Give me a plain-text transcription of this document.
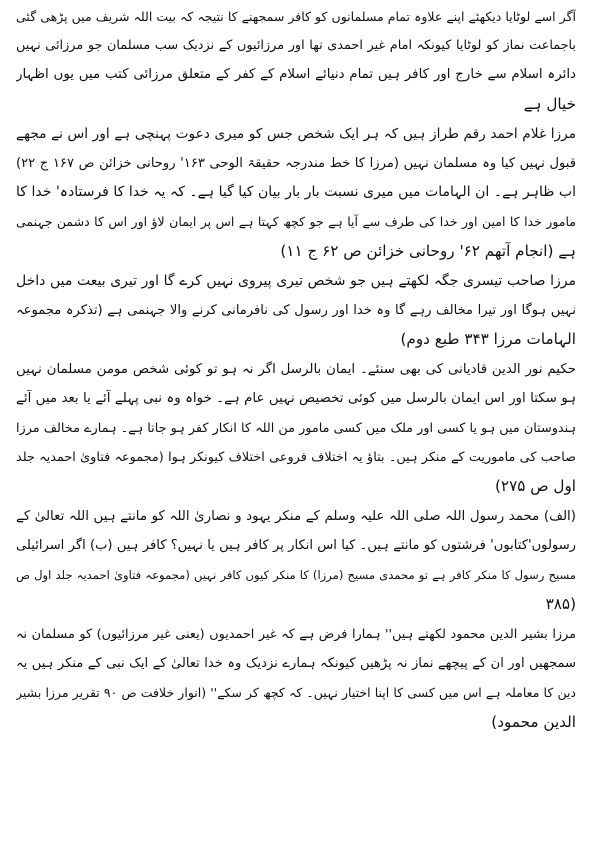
آگر اسے لوٹایا دیکھئے اپنے علاوہ تمام مسلمانوں کو کافر سمجھنے کا نتیجہ کہ بیت اللہ شریف میں پڑھی گئی
باجماعت نماز کو لوٹایا کیونکہ امام غیر احمدی تھا اور مرزائیوں کے نزدیک سب مسلمان جو مرزائی نہیں
دائرہ اسلام سے خارج اور کافر ہیں تمام دنیائے اسلام کے کفر کے متعلق مرزائی کتب میں یوں اظہار
خیال ہے
مرزا غلام احمد رقم طراز ہیں کہ ہر ایک شخص جس کو میری دعوت پہنچی ہے اور اس نے مجھے
قبول نہیں کیا وہ مسلمان نہیں (مرزا کا خط مندرجہ حقیقۃ الوحی ۱۶۳' روحانی خزائن ص ۱۶۷ ج ۲۲)
اب ظاہر ہے۔ ان الہامات میں میری نسبت بار بار بیان کیا گیا ہے۔ کہ یہ خدا کا فرستادہ' خدا کا
مامور خدا کا امین اور خدا کی طرف سے آیا ہے جو کچھ کہتا ہے اس پر ایمان لاؤ اور اس کا دشمن جہنمی
ہے (انجام آتھم ۶۲' روحانی خزائن ص ۶۲ ج ۱۱)
مرزا صاحب تیسری جگہ لکھتے ہیں جو شخص تیری پیروی نہیں کرے گا اور تیری بیعت میں داخل
نہیں ہوگا اور تیرا مخالف رہے گا وہ خدا اور رسول کی نافرمانی کرنے والا جہنمی ہے (تذکرہ مجموعہ
الہامات مرزا ۳۴۳ طبع دوم)
حکیم نور الدین قادیانی کی بھی سنئے۔ ایمان بالرسل اگر نہ ہو تو کوئی شخص مومن مسلمان نہیں
ہو سکتا اور اس ایمان بالرسل میں کوئی تخصیص نہیں عام ہے۔ خواہ وہ نبی پہلے آئے یا بعد میں آئے
ہندوستان میں ہو یا کسی اور ملک میں کسی مامور من اللہ کا انکار کفر ہو جاتا ہے۔ ہمارے مخالف مرزا
صاحب کی ماموریت کے منکر ہیں۔ بتاؤ یہ اختلاف فروعی اختلاف کیونکر ہوا (مجموعہ فتاویٰ احمدیہ جلد
اول ص ۲۷۵)
(الف) محمد رسول اللہ صلی اللہ علیہ وسلم کے منکر یہود و نصاریٰ اللہ کو مانتے ہیں اللہ تعالیٰ کے
رسولوں'کتابوں' فرشتوں کو مانتے ہیں۔ کیا اس انکار پر کافر ہیں یا نہیں؟ کافر ہیں (ب) اگر اسرائیلی
مسیح رسول کا منکر کافر ہے تو محمدی مسیح (مرزا) کا منکر کیوں کافر نہیں (مجموعہ فتاویٰ احمدیہ جلد اول ص
(۳۸۵
مرزا بشیر الدین محمود لکھتے ہیں'' ہمارا فرض ہے کہ غیر احمدیوں (یعنی غیر مرزائیوں) کو مسلمان نہ
سمجھیں اور ان کے پیچھے نماز نہ پڑھیں کیونکہ ہمارے نزدیک وہ خدا تعالیٰ کے ایک نبی کے منکر ہیں یہ
دین کا معاملہ ہے اس میں کسی کا اپنا اختیار نہیں۔ کہ کچھ کر سکے'' (انوار خلافت ص ۹۰ تقریر مرزا بشیر
الدین محمود)
